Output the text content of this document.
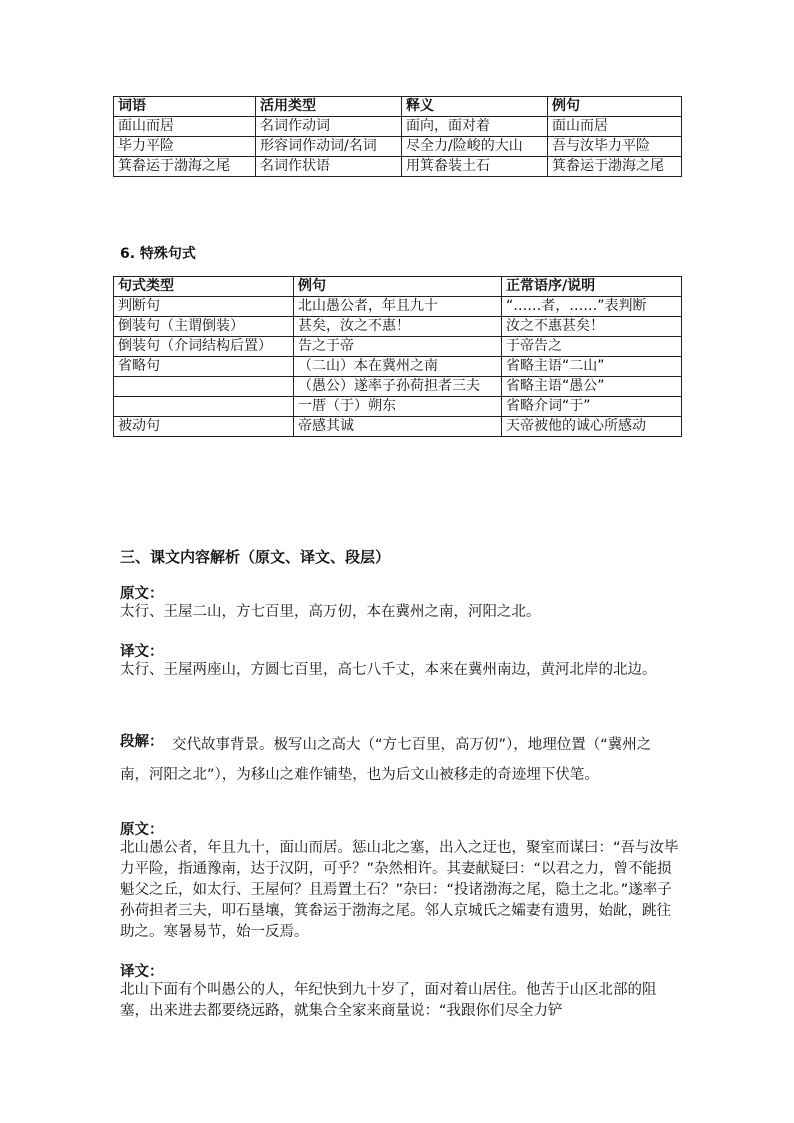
词语	活用类型	释义	例句
面山而居	名词作动词	面向，面对着	面山而居
毕力平险	形容词作动词/名词	尽全力/险峻的大山	吾与汝毕力平险
箕畚运于渤海之尾	名词作状语	用箕畚装土石	箕畚运于渤海之尾
6. 特殊句式
句式类型	例句	正常语序/说明
判断句	北山愚公者，年且九十	“……者，……”表判断
倒装句（主谓倒装）	甚矣，汝之不惠！	汝之不惠甚矣！
倒装句（介词结构后置）	告之于帝	于帝告之
省略句	（二山）本在冀州之南	省略主语“二山”
	（愚公）遂率子孙荷担者三夫	省略主语“愚公”
	一厝（于）朔东	省略介词“于”
被动句	帝感其诚	天帝被他的诚心所感动
三、课文内容解析（原文、译文、段层）
原文：

太行、王屋二山，方七百里，高万仞，本在冀州之南，河阳之北。

译文：

太行、王屋两座山，方圆七百里，高七八千丈，本来在冀州南边，黄河北岸的北边。

段解： 交代故事背景。极写山之高大（“方七百里，高万仞”），地理位置（“冀州之南，河阳之北”），为移山之难作铺垫，也为后文山被移走的奇迹埋下伏笔。

原文：

北山愚公者，年且九十，面山而居。惩山北之塞，出入之迂也，聚室而谋曰：“吾与汝毕力平险，指通豫南，达于汉阴，可乎？”杂然相许。其妻献疑曰：“以君之力，曾不能损魁父之丘，如太行、王屋何？且焉置土石？”杂曰：“投诸渤海之尾，隐土之北。”遂率子孙荷担者三夫，叩石垦壤，箕畚运于渤海之尾。邻人京城氏之孀妻有遗男，始龀，跳往助之。寒暑易节，始一反焉。

译文：

北山下面有个叫愚公的人，年纪快到九十岁了，面对着山居住。他苦于山区北部的阻塞，出来进去都要绕远路，就集合全家来商量说：“我跟你们尽全力铲
